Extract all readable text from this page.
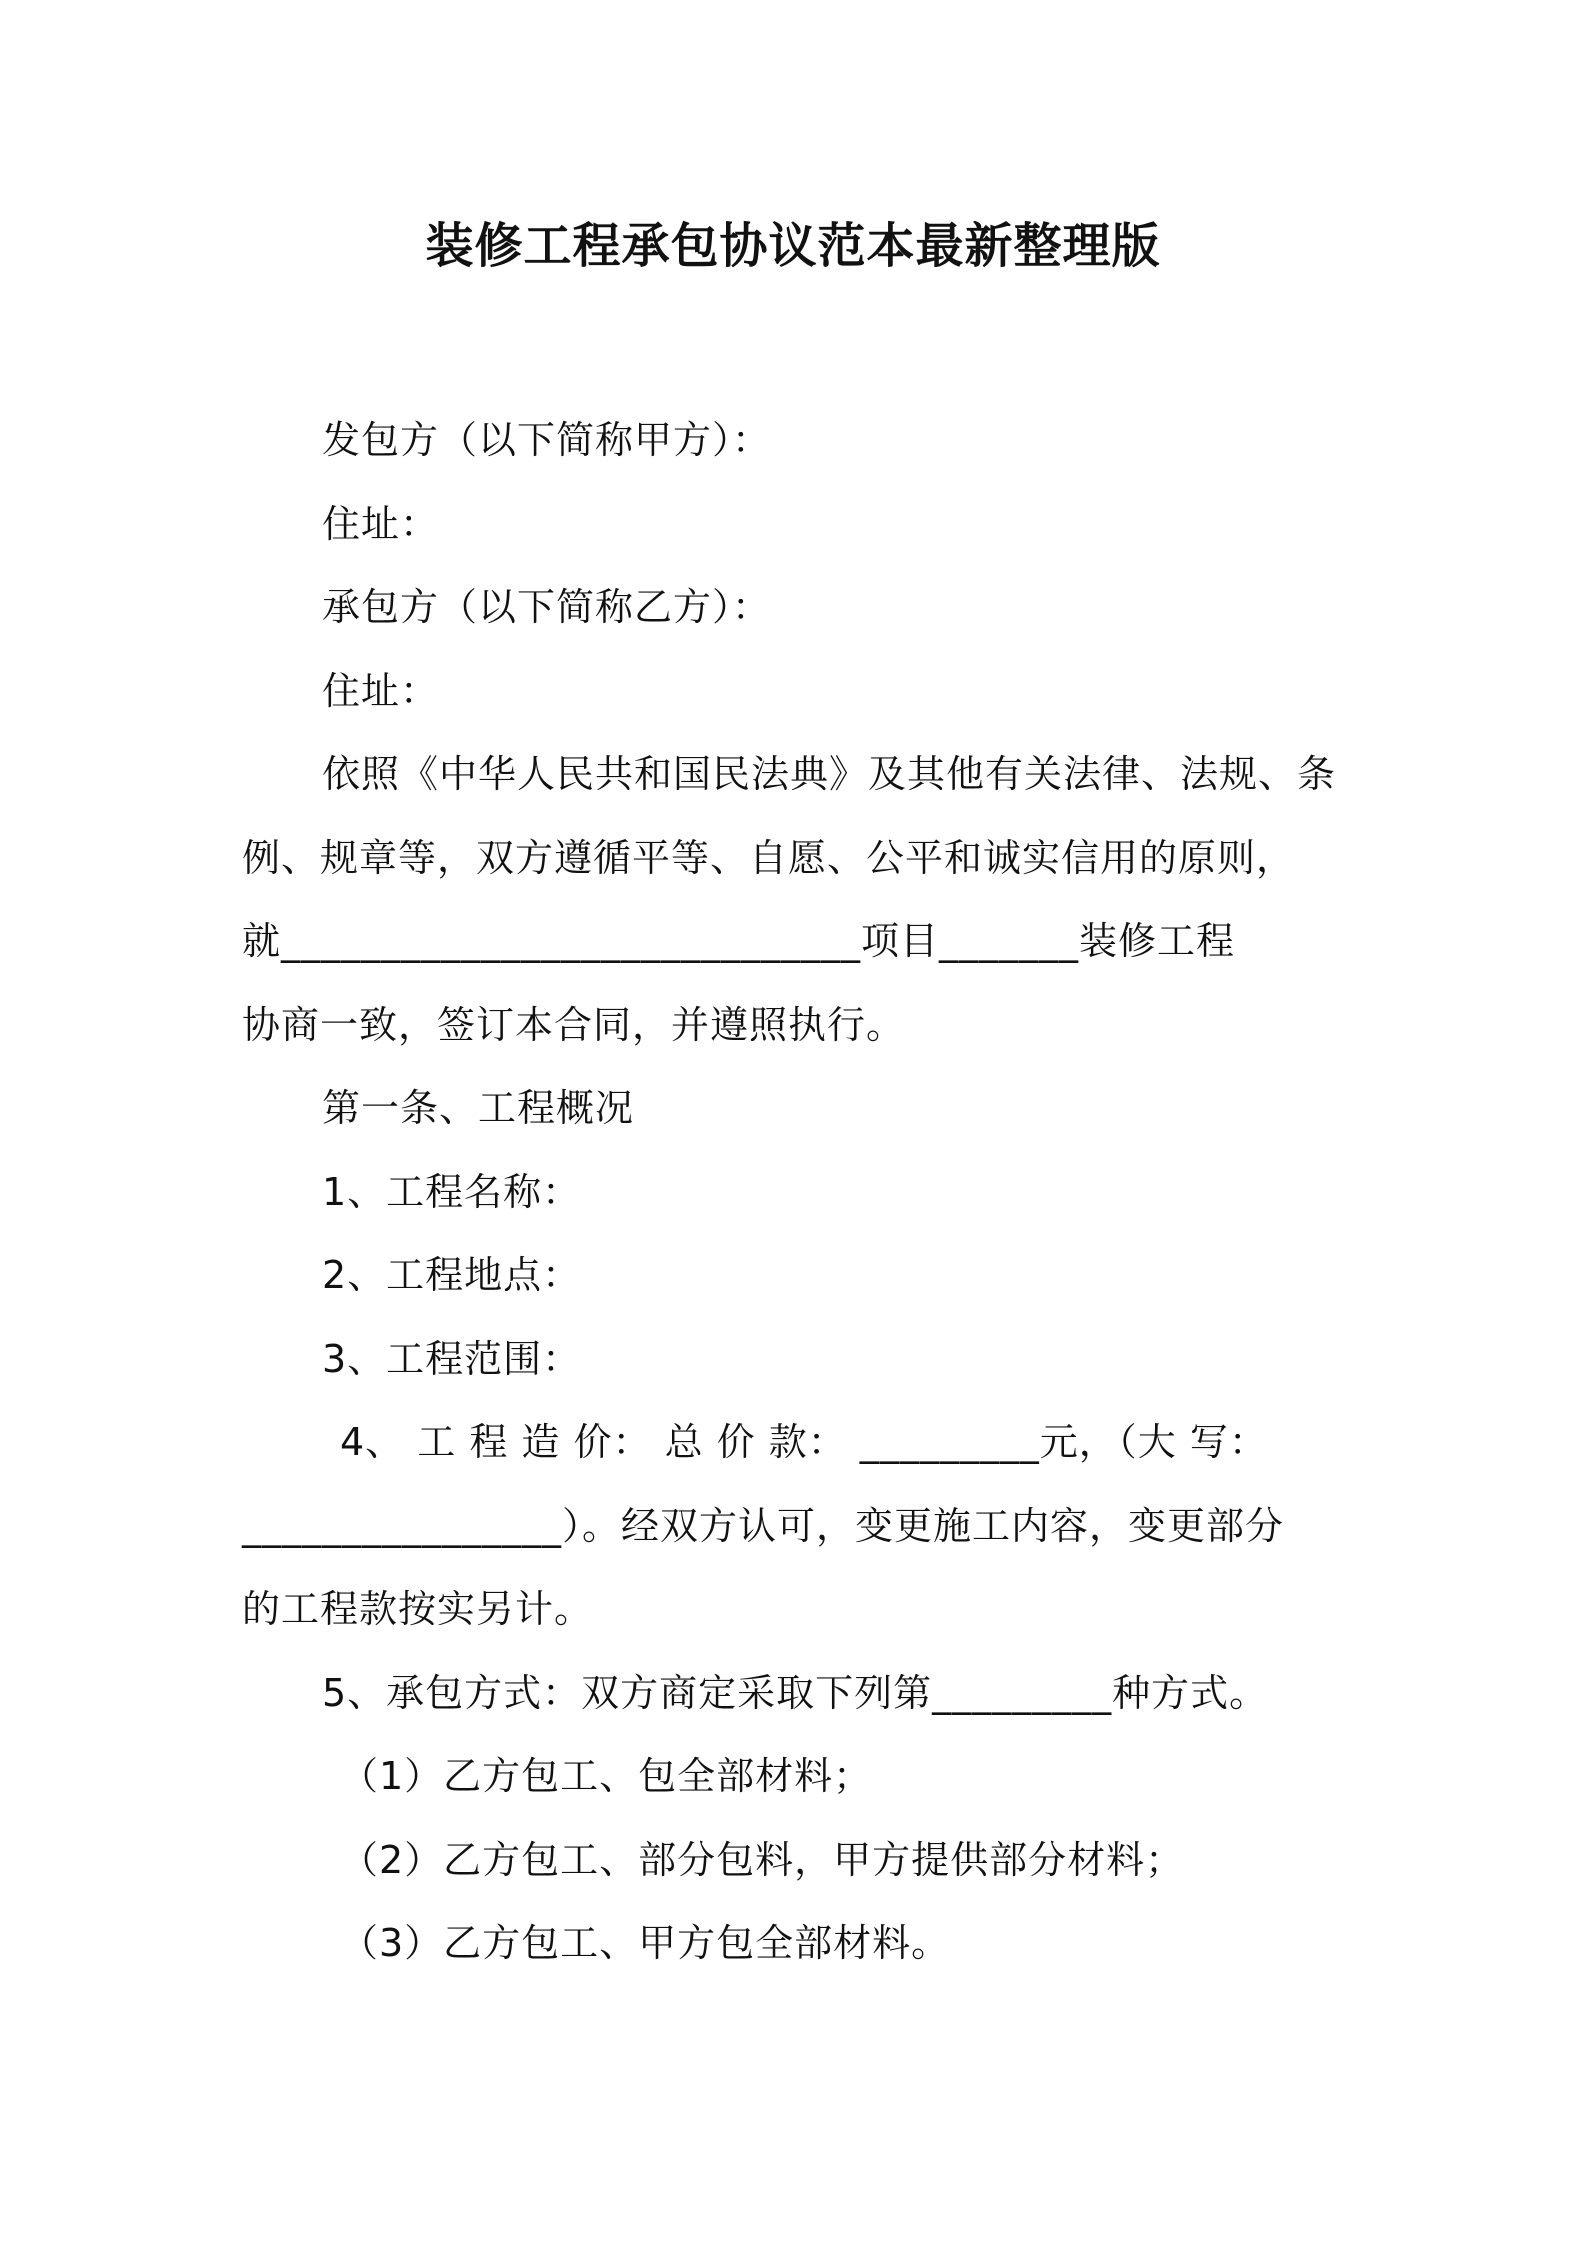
装修工程承包协议范本最新整理版
发包方（以下简称甲方）：
住址：
承包方（以下简称乙方）：
住址：
依照《中华人民共和国民法典》及其他有关法律、法规、条
例、规章等，双方遵循平等、自愿、公平和诚实信用的原则，
就_____________________________项目_______装修工程
协商一致，签订本合同，并遵照执行。
第一条、工程概况
1、工程名称：
2、工程地点：
3、工程范围：
4、 工 程 造 价： 总 价 款： _________元，（大 写：
________________）。经双方认可，变更施工内容，变更部分
的工程款按实另计。
5、承包方式：双方商定采取下列第_________种方式。
（1）乙方包工、包全部材料；
（2）乙方包工、部分包料，甲方提供部分材料；
（3）乙方包工、甲方包全部材料。
